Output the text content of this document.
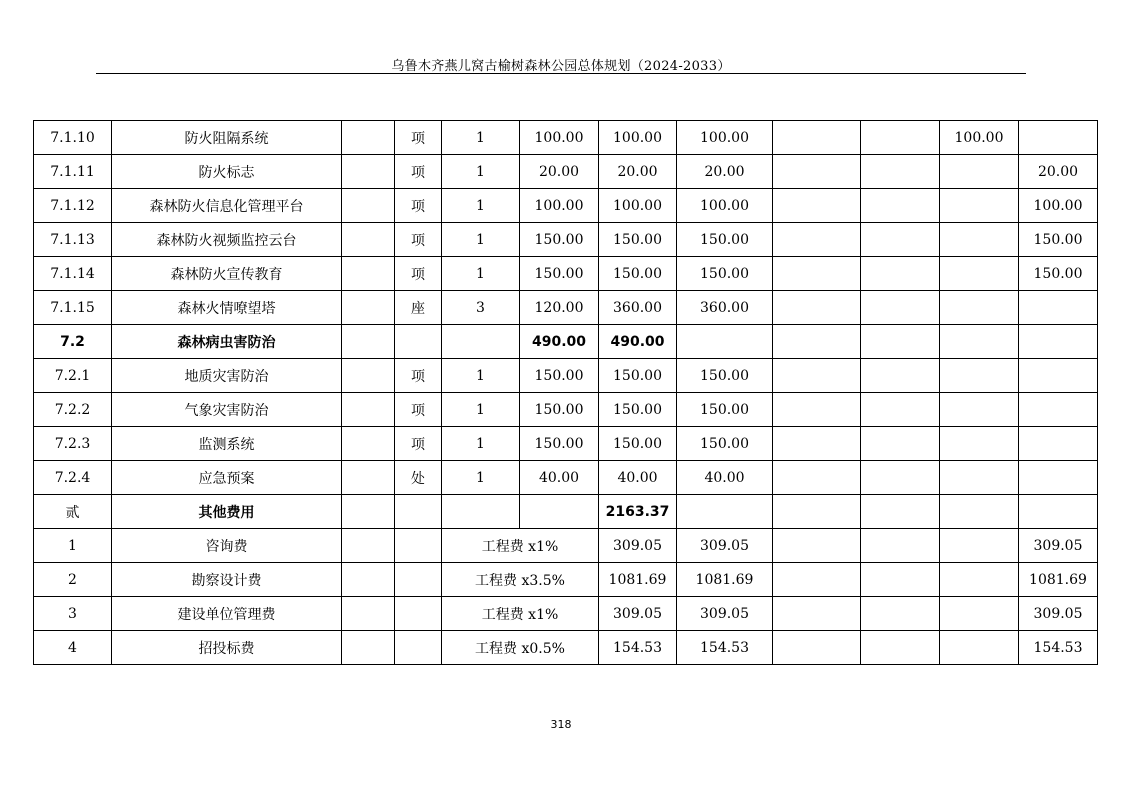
乌鲁木齐燕儿窝古榆树森林公园总体规划（2024-2033）
7.1.10	防火阻隔系统		项	1	100.00	100.00	100.00			100.00	
7.1.11	防火标志		项	1	20.00	20.00	20.00				20.00
7.1.12	森林防火信息化管理平台		项	1	100.00	100.00	100.00				100.00
7.1.13	森林防火视频监控云台		项	1	150.00	150.00	150.00				150.00
7.1.14	森林防火宣传教育		项	1	150.00	150.00	150.00				150.00
7.1.15	森林火情嘹望塔		座	3	120.00	360.00	360.00				
7.2	森林病虫害防治				490.00	490.00					
7.2.1	地质灾害防治		项	1	150.00	150.00	150.00				
7.2.2	气象灾害防治		项	1	150.00	150.00	150.00				
7.2.3	监测系统		项	1	150.00	150.00	150.00				
7.2.4	应急预案		处	1	40.00	40.00	40.00				
贰	其他费用					2163.37					
1	咨询费			工程费 x1%		309.05	309.05				309.05
2	勘察设计费			工程费 x3.5%		1081.69	1081.69				1081.69
3	建设单位管理费			工程费 x1%		309.05	309.05				309.05
4	招投标费			工程费 x0.5%		154.53	154.53				154.53
318
